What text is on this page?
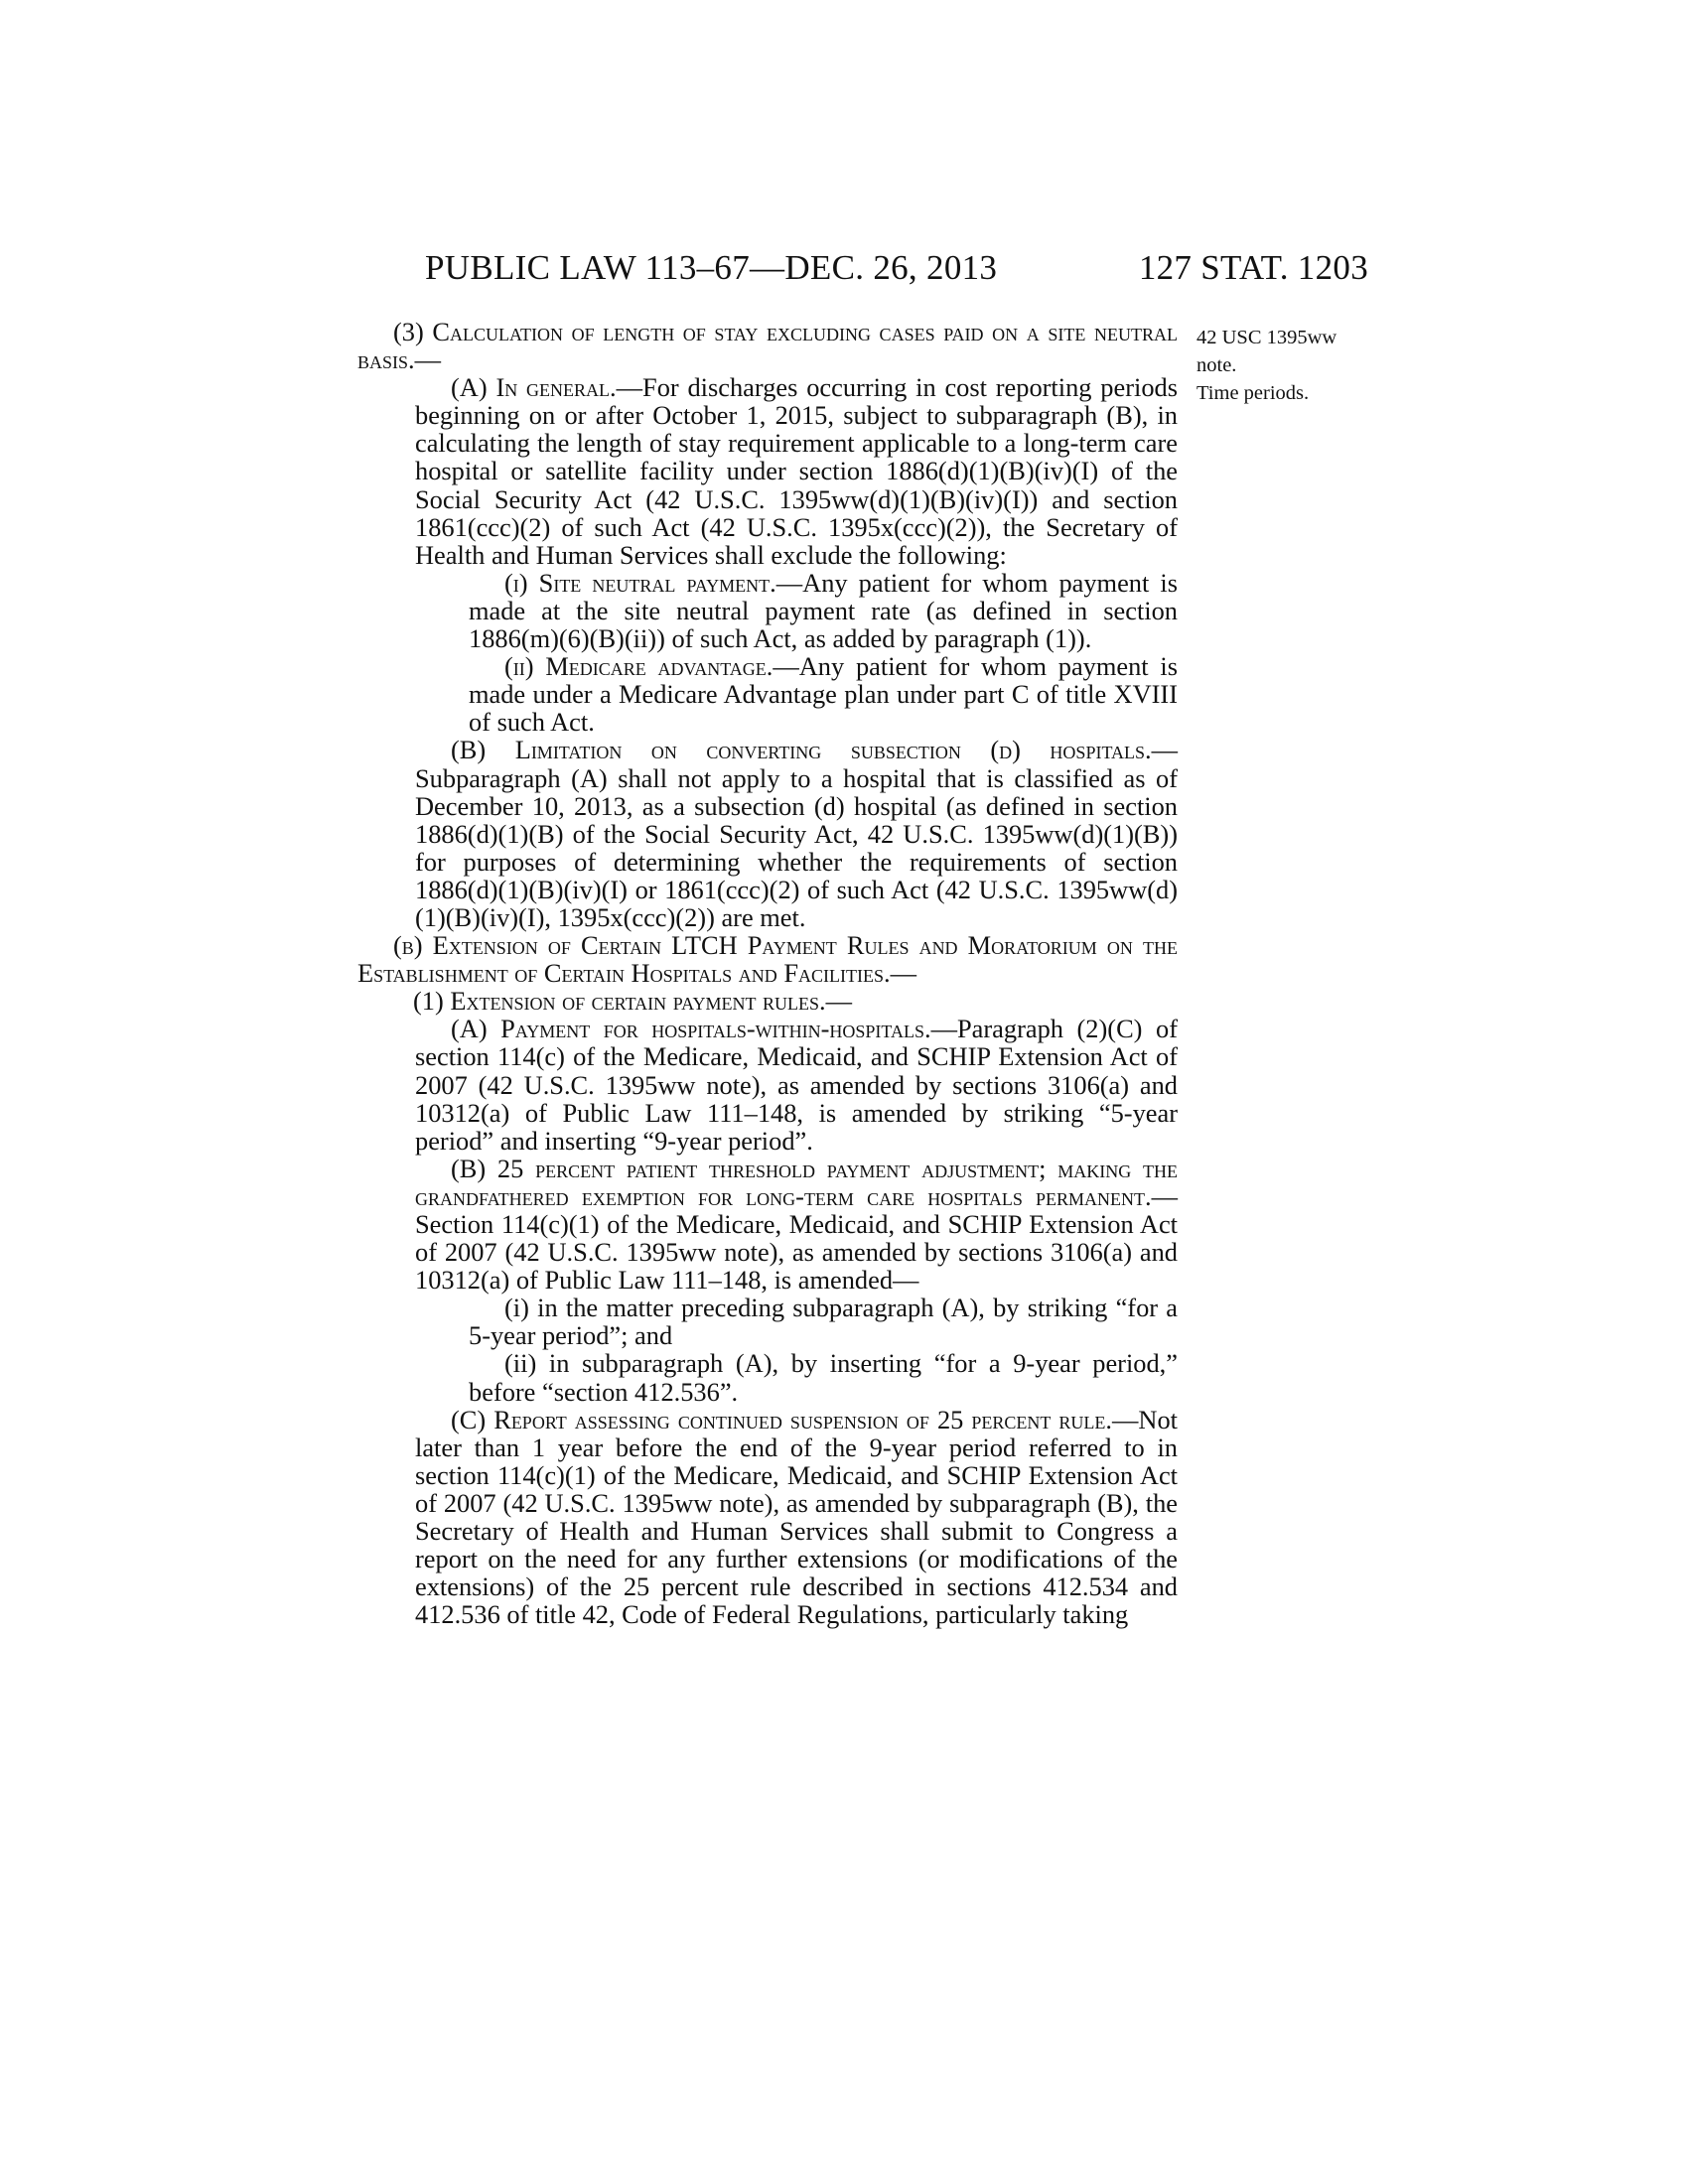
PUBLIC LAW 113–67—DEC. 26, 2013	127 STAT. 1203
42 USC 1395ww
note.
Time periods.

(3) Calculation of length of stay excluding cases paid on a site neutral basis.—

(A) In general.—For discharges occurring in cost reporting periods beginning on or after October 1, 2015, subject to subparagraph (B), in calculating the length of stay requirement applicable to a long-term care hospital or satellite facility under section 1886(d)(1)(B)(iv)(I) of the Social Security Act (42 U.S.C. 1395ww(d)(1)(B)(iv)(I)) and section 1861(ccc)(2) of such Act (42 U.S.C. 1395x(ccc)(2)), the Secretary of Health and Human Services shall exclude the following:

(i) Site neutral payment.—Any patient for whom payment is made at the site neutral payment rate (as defined in section 1886(m)(6)(B)(ii)) of such Act, as added by paragraph (1)).

(ii) Medicare advantage.—Any patient for whom payment is made under a Medicare Advantage plan under part C of title XVIII of such Act.

(B) Limitation on converting subsection (d) hospitals.—Subparagraph (A) shall not apply to a hospital that is classified as of December 10, 2013, as a subsection (d) hospital (as defined in section 1886(d)(1)(B) of the Social Security Act, 42 U.S.C. 1395ww(d)(1)(B)) for purposes of determining whether the requirements of section 1886(d)(1)(B)(iv)(I) or 1861(ccc)(2) of such Act (42 U.S.C. 1395ww(d)(1)(B)(iv)(I), 1395x(ccc)(2)) are met.

(b) Extension of Certain LTCH Payment Rules and Moratorium on the Establishment of Certain Hospitals and Facilities.—

(1) Extension of certain payment rules.—

(A) Payment for hospitals-within-hospitals.—Paragraph (2)(C) of section 114(c) of the Medicare, Medicaid, and SCHIP Extension Act of 2007 (42 U.S.C. 1395ww note), as amended by sections 3106(a) and 10312(a) of Public Law 111–148, is amended by striking “5-year period” and inserting “9-year period”.

(B) 25 percent patient threshold payment adjustment; making the grandfathered exemption for long-term care hospitals permanent.—Section 114(c)(1) of the Medicare, Medicaid, and SCHIP Extension Act of 2007 (42 U.S.C. 1395ww note), as amended by sections 3106(a) and 10312(a) of Public Law 111–148, is amended—

(i) in the matter preceding subparagraph (A), by striking “for a 5-year period”; and

(ii) in subparagraph (A), by inserting “for a 9-year period,” before “section 412.536”.

(C) Report assessing continued suspension of 25 percent rule.—Not later than 1 year before the end of the 9-year period referred to in section 114(c)(1) of the Medicare, Medicaid, and SCHIP Extension Act of 2007 (42 U.S.C. 1395ww note), as amended by subparagraph (B), the Secretary of Health and Human Services shall submit to Congress a report on the need for any further extensions (or modifications of the extensions) of the 25 percent rule described in sections 412.534 and 412.536 of title 42, Code of Federal Regulations, particularly taking
